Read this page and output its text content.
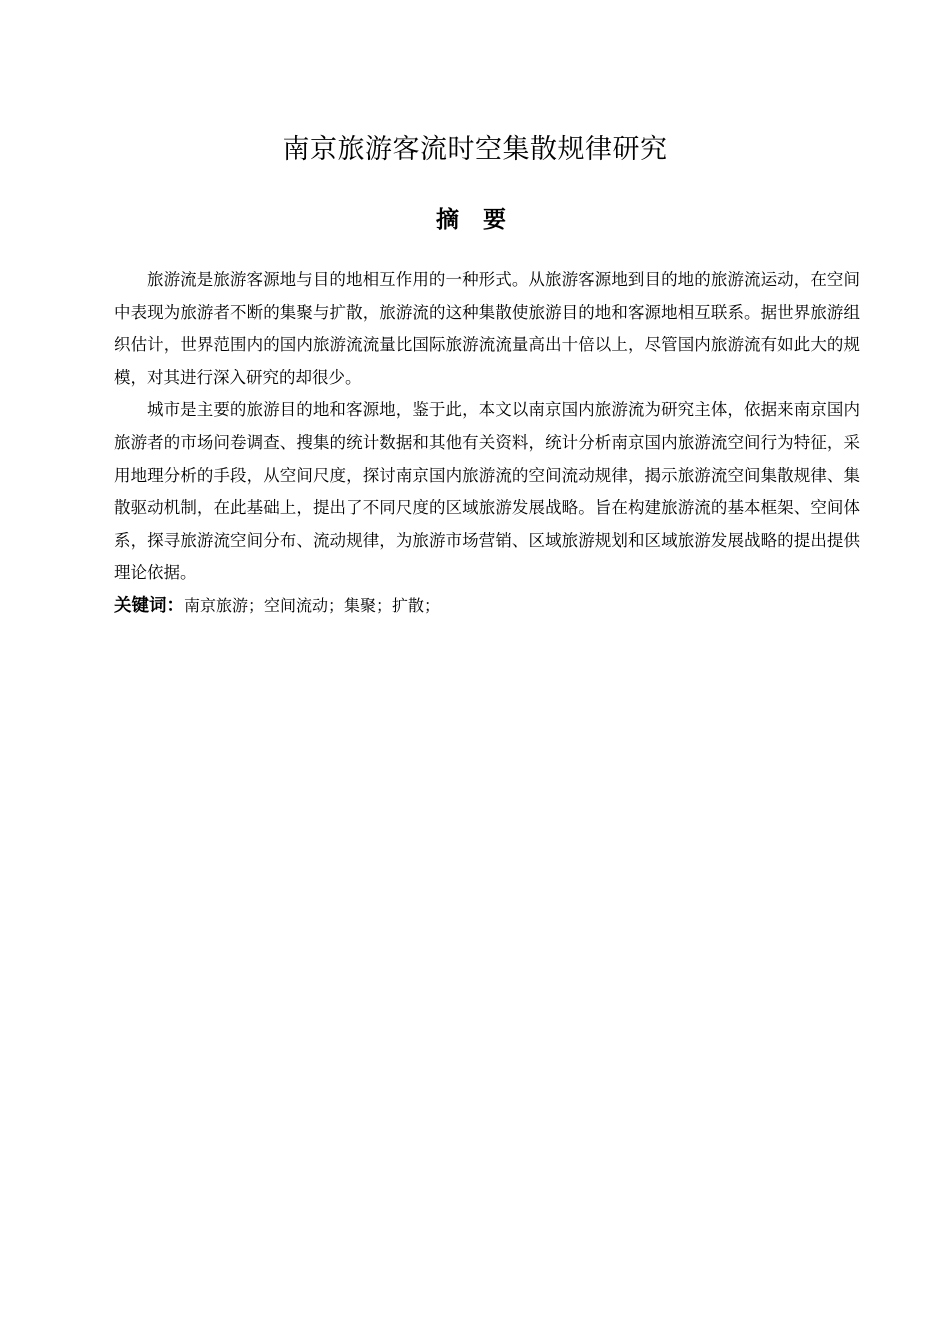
南京旅游客流时空集散规律研究
摘 要

旅游流是旅游客源地与目的地相互作用的一种形式。从旅游客源地到目的地的旅游流运动，在空间中表现为旅游者不断的集聚与扩散，旅游流的这种集散使旅游目的地和客源地相互联系。据世界旅游组织估计，世界范围内的国内旅游流流量比国际旅游流流量高出十倍以上，尽管国内旅游流有如此大的规模，对其进行深入研究的却很少。

城市是主要的旅游目的地和客源地，鉴于此，本文以南京国内旅游流为研究主体，依据来南京国内旅游者的市场问卷调查、搜集的统计数据和其他有关资料，统计分析南京国内旅游流空间行为特征，采用地理分析的手段，从空间尺度，探讨南京国内旅游流的空间流动规律，揭示旅游流空间集散规律、集散驱动机制，在此基础上，提出了不同尺度的区域旅游发展战略。旨在构建旅游流的基本框架、空间体系，探寻旅游流空间分布、流动规律，为旅游市场营销、区域旅游规划和区域旅游发展战略的提出提供理论依据。

关键词：南京旅游；空间流动；集聚；扩散；
